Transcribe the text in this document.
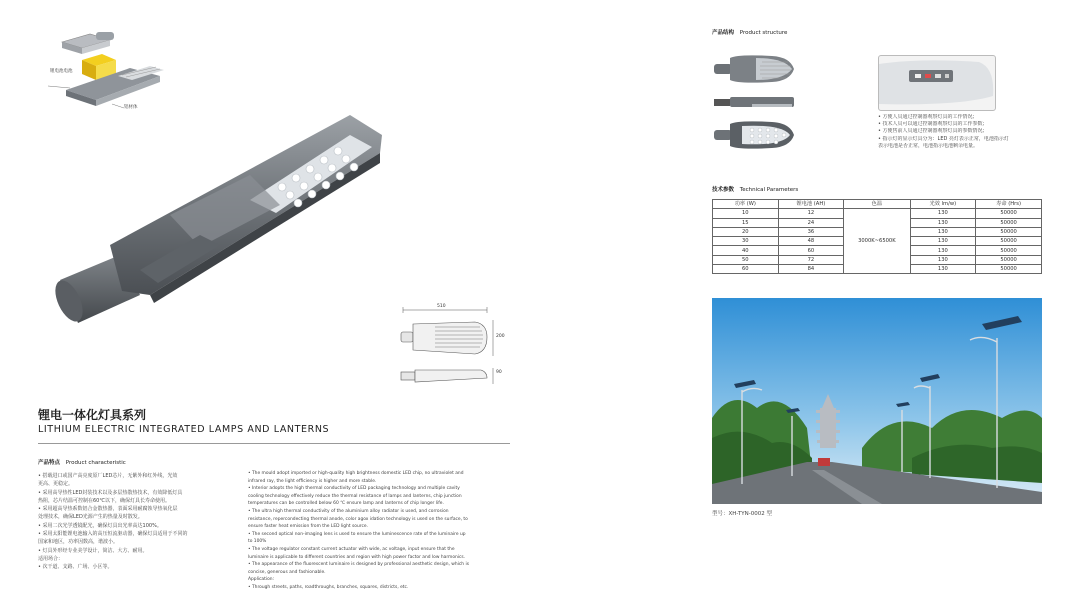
锂电池电池
铝材体
510
200
90
锂电一体化灯具系列
LITHIUM ELECTRIC INTEGRATED LAMPS AND LANTERNS
产品特点 Product characteristic
• 搭载进口或国产高亮度原厂LED芯片，无紫外和红外线，光效
更高、更稳定。
• 采用高导热性LED封装技术以及多层热散热技术，有效降低灯具
热阻，芯片结温可控制在60℃以下，确保灯具长寿命使用。
• 采用超高导热系数铝合金散热器，表面采用耐腐蚀导热氧化层
处理技术，确保LED光源产生的热量及时散发。
• 采用二次光学透镜配光，确保灯具出光率高达100%。
• 采用太阳能锂电池输入的高压恒流驱动器，确保灯具适用于不同的
国家和地区，功率因数高，谐波小。
• 灯具外形经专业美学设计，简洁、大方、耐用。
适用场合：
• 次干道、支路、广场、小区等。
• The mould adopt imported or high-quality high brightness domestic LED chip, no ultraviolet and
infrared ray, the light efficiency is higher and more stable.
• Interior adopts the high thermal conductivity of LED packaging technology and multiple cavity
cooling technology effectively reduce the thermal resistance of lamps and lanterns, chip junction
temperatures can be controlled below 60 ℃ ensure lamp and lanterns of chip longer life.
• The ultra high thermal conductivity of the aluminium alloy radiator is used, and corrosion
resistance, repercondecting thermal anode, color agox idation technology is used on the surface, to
ensure faster heat emission from the LED light source.
• The second optical non-imaging lens is used to ensure the luminescence rate of the luminaire up
to 100%
• The voltage regulator constant current actuator with wide, ac voltage, input ensure that the
luminaire is applicable to different countries and region with high power factor and low harmonics.
• The appearance of the fluorescent luminaire is designed by professional aesthetic design, which is
concise, generous and fashionable.
Application:
• Through streets, paths, roadthroughs, branches, squares, districts, etc.
产品结构 Product structure
• 方便人员通过控制器观察灯具的工作情况;
• 技术人员可以通过控制器观察灯具的工作参数;
• 方便售前人员通过控制器观察灯具的参数情况;
• 指示灯的显示灯具分为：LED 亮灯表示正常，电池指示灯
表示电池是否正常，电池指示电池剩余电量。
技术参数 Technical Parameters
功率 (W)	锂电池 (AH)	色温	光效 lm/w)	寿命 (Hrs)
10	12	3000K~6500K	130	50000
15	24		130	50000
20	36		130	50000
30	48		130	50000
40	60		130	50000
50	72		130	50000
60	84		130	50000
型号：XH-TYN-0002 型
